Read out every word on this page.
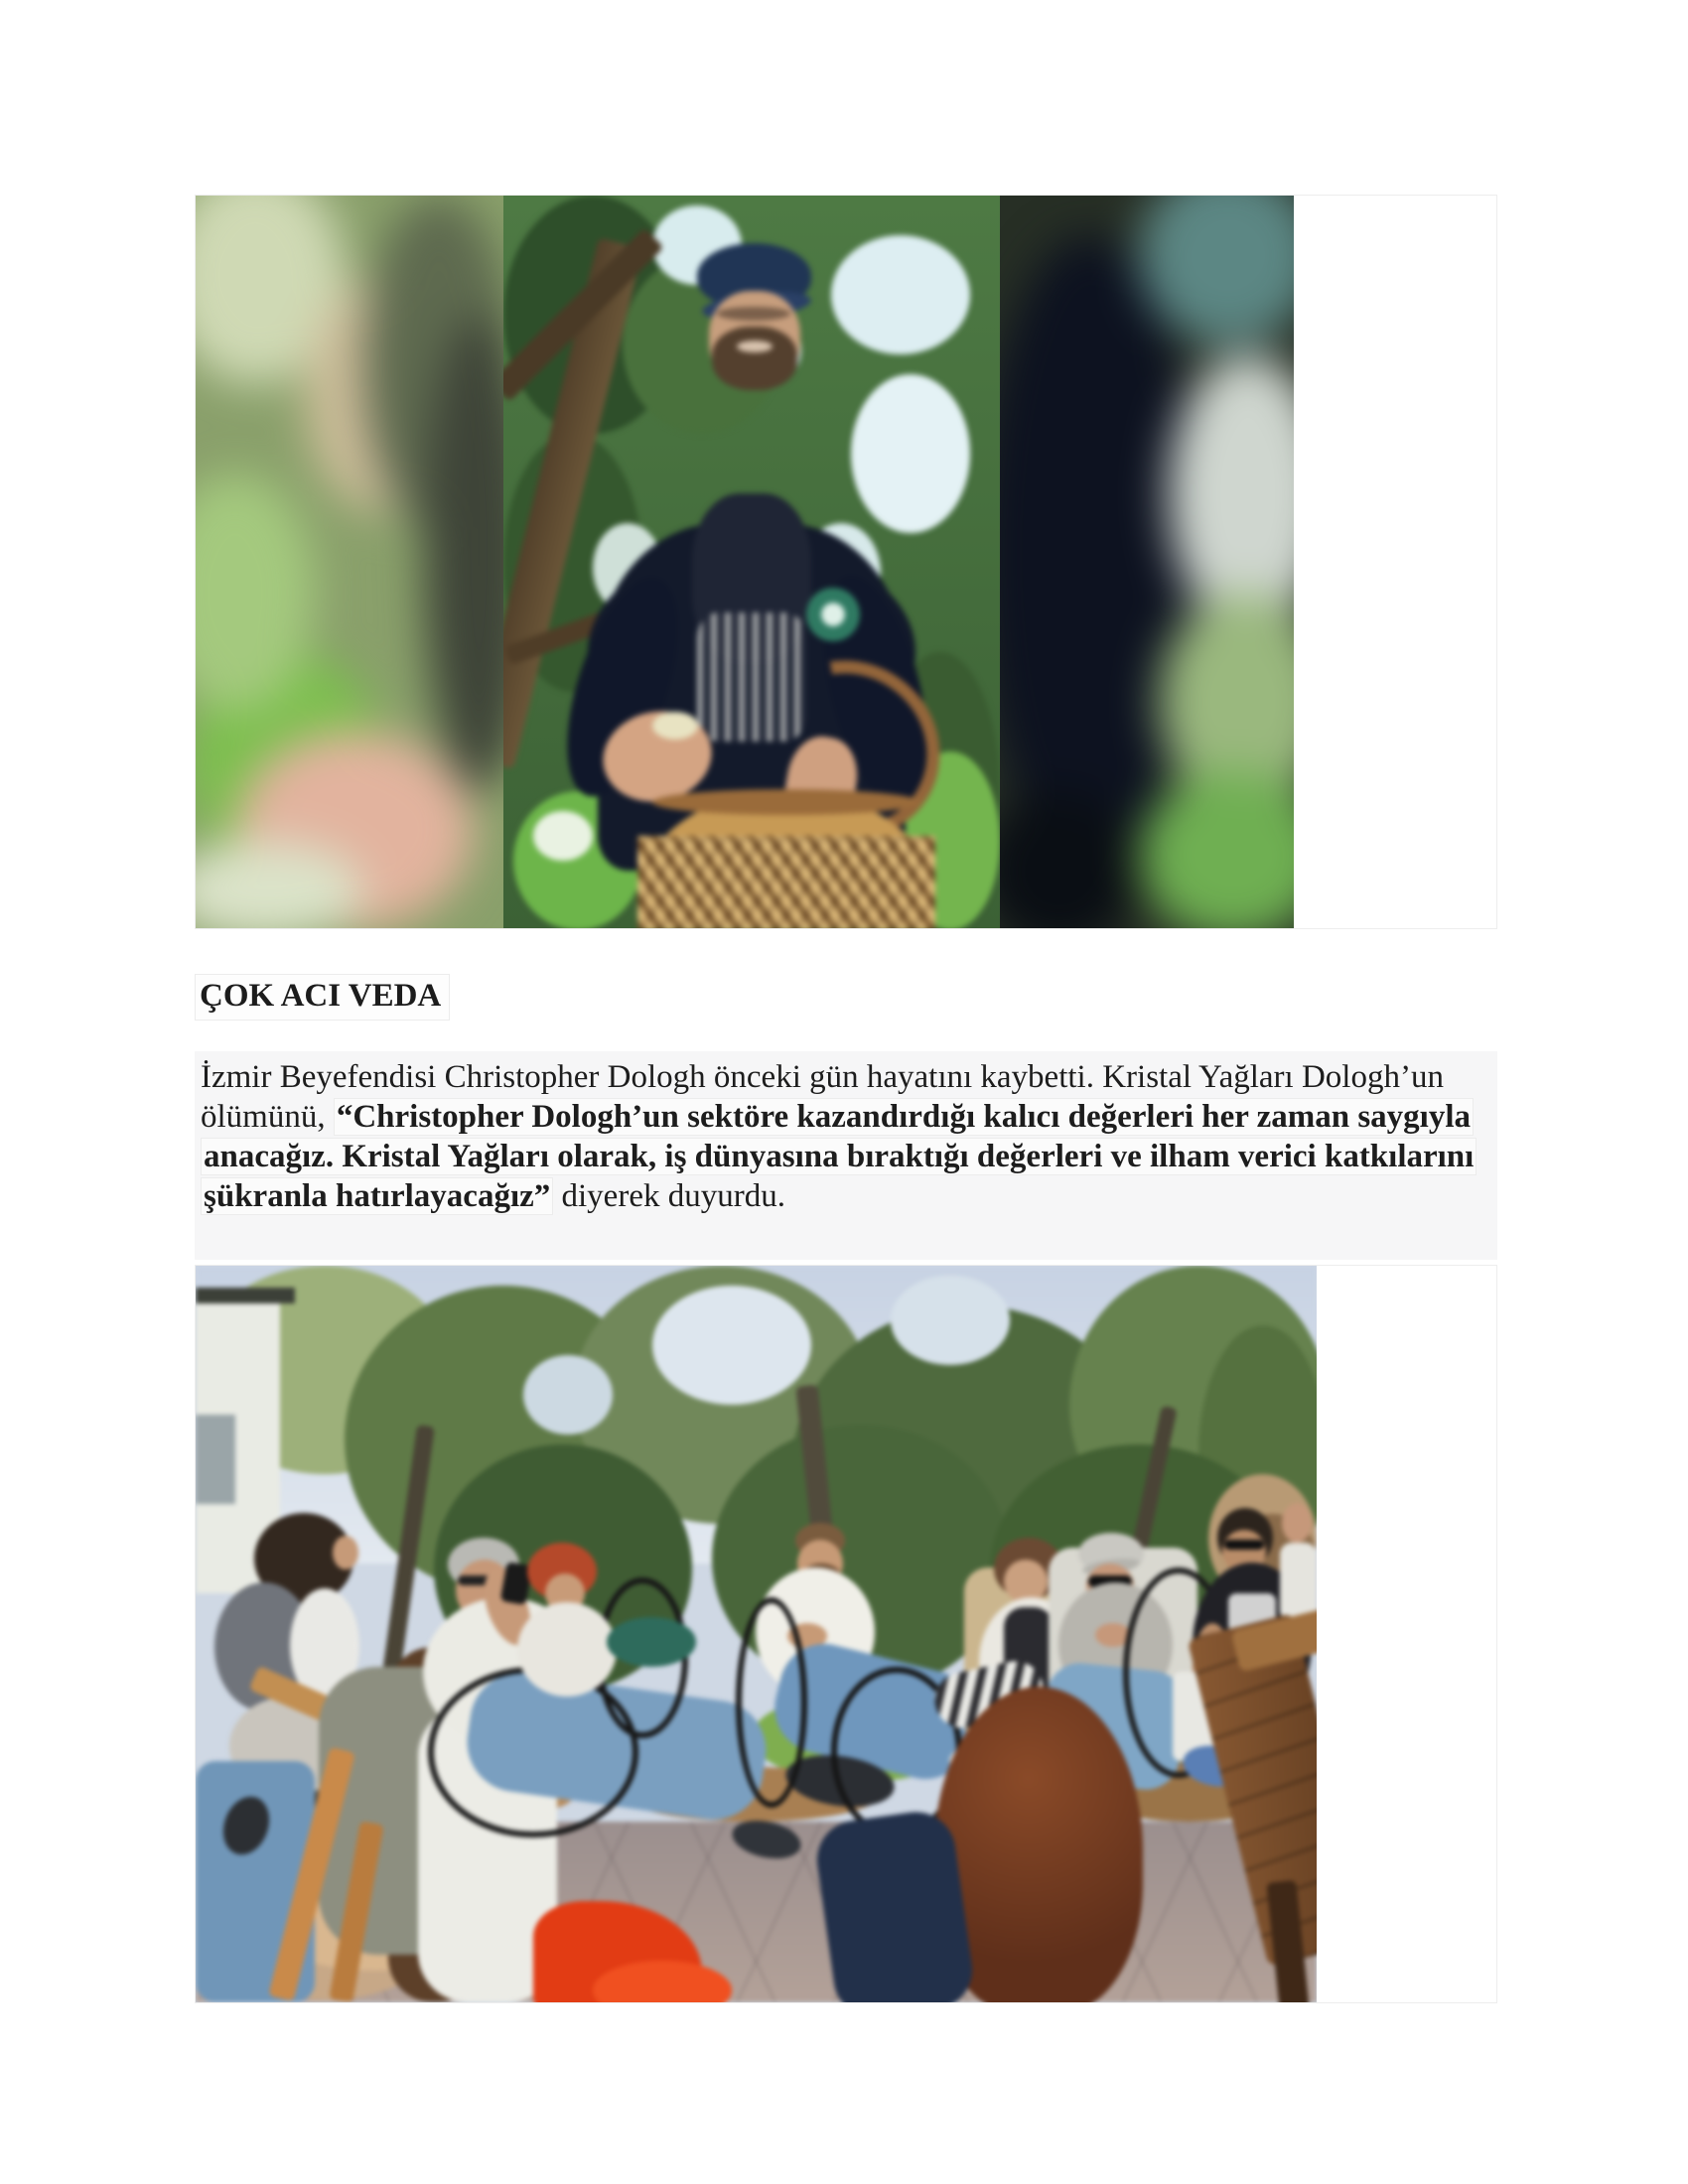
ÇOK ACI VEDA

İzmir Beyefendisi Christopher Dologh önceki gün hayatını kaybetti. Kristal Yağları Dologh’un ölümünü, “Christopher Dologh’un sektöre kazandırdığı kalıcı değerleri her zaman saygıyla anacağız. Kristal Yağları olarak, iş dünyasına bıraktığı değerleri ve ilham verici katkılarını şükranla hatırlayacağız” diyerek duyurdu.
